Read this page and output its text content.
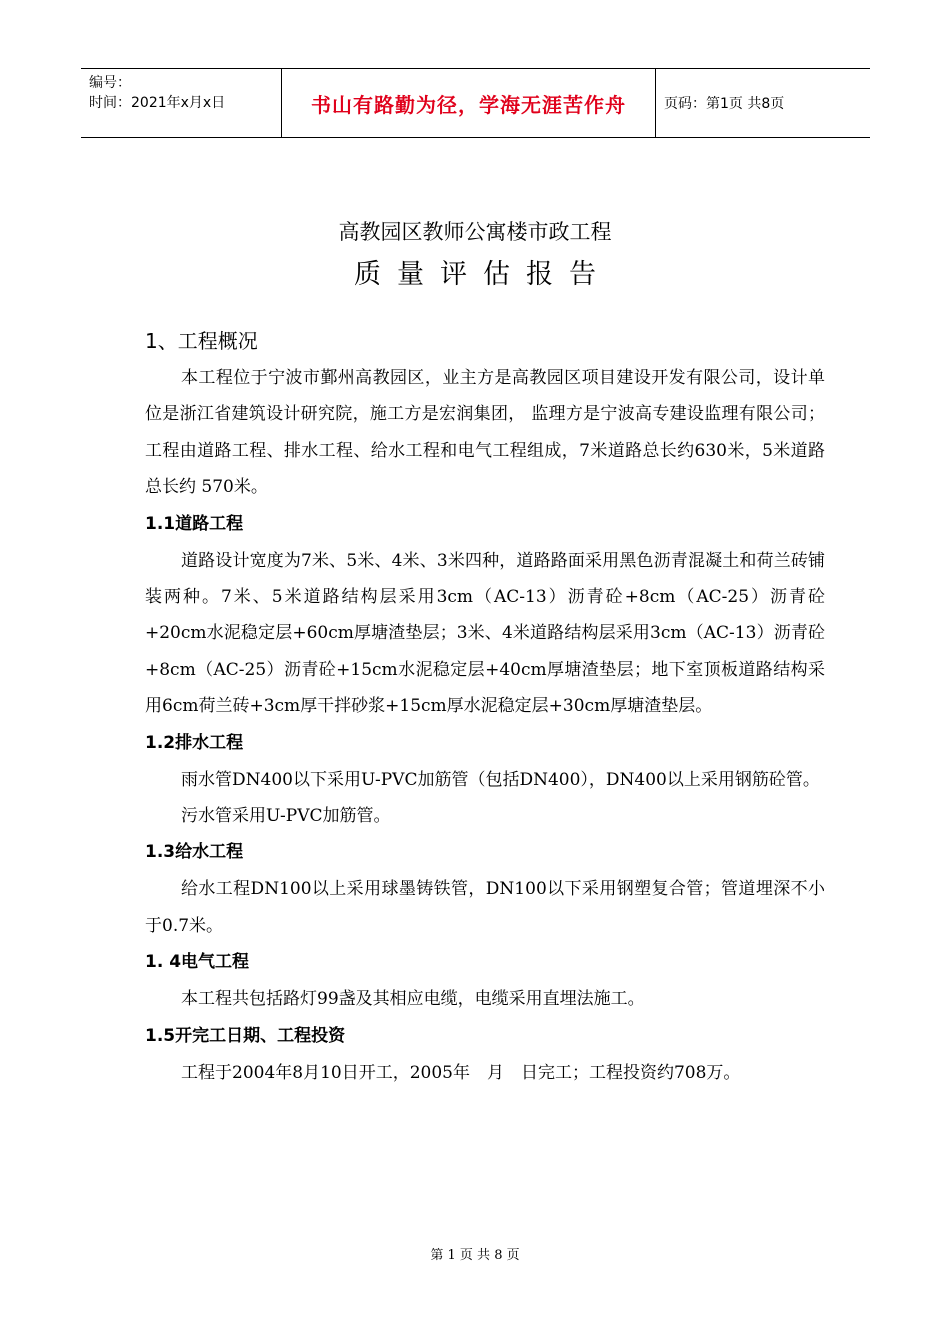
编号：
时间：2021年x月x日	书山有路勤为径，学海无涯苦作舟	页码：第1页 共8页
高教园区教师公寓楼市政工程
质量评估报告
1、工程概况
本工程位于宁波市鄞州高教园区，业主方是高教园区项目建设开发有限公司，设计单位是浙江省建筑设计研究院，施工方是宏润集团， 监理方是宁波高专建设监理有限公司；工程由道路工程、排水工程、给水工程和电气工程组成，7米道路总长约630米，5米道路总长约 570米。
1.1道路工程
道路设计宽度为7米、5米、4米、3米四种，道路路面采用黑色沥青混凝土和荷兰砖铺装两种。7米、5米道路结构层采用3cm（AC-13）沥青砼+8cm（AC-25）沥青砼+20cm水泥稳定层+60cm厚塘渣垫层；3米、4米道路结构层采用3cm（AC-13）沥青砼+8cm（AC-25）沥青砼+15cm水泥稳定层+40cm厚塘渣垫层；地下室顶板道路结构采用6cm荷兰砖+3cm厚干拌砂浆+15cm厚水泥稳定层+30cm厚塘渣垫层。
1.2排水工程
雨水管DN400以下采用U-PVC加筋管（包括DN400），DN400以上采用钢筋砼管。
污水管采用U-PVC加筋管。
1.3给水工程
给水工程DN100以上采用球墨铸铁管，DN100以下采用钢塑复合管；管道埋深不小于0.7米。
1. 4电气工程
本工程共包括路灯99盏及其相应电缆，电缆采用直埋法施工。
1.5开完工日期、工程投资
工程于2004年8月10日开工，2005年　月　日完工；工程投资约708万。
第 1 页 共 8 页
